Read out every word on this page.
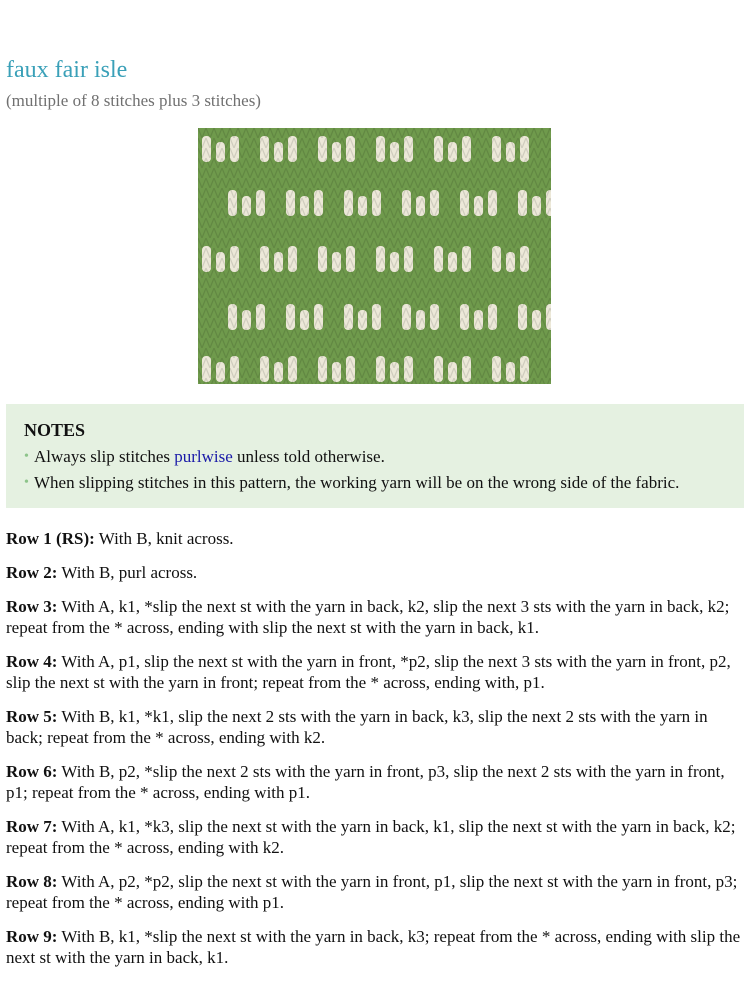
faux fair isle

(multiple of 8 stitches plus 3 stitches)

NOTES
• Always slip stitches purlwise unless told otherwise.
• When slipping stitches in this pattern, the working yarn will be on the wrong side of the fabric.

Row 1 (RS): With B, knit across.

Row 2: With B, purl across.

Row 3: With A, k1, *slip the next st with the yarn in back, k2, slip the next 3 sts with the yarn in back, k2; repeat from the * across, ending with slip the next st with the yarn in back, k1.

Row 4: With A, p1, slip the next st with the yarn in front, *p2, slip the next 3 sts with the yarn in front, p2, slip the next st with the yarn in front; repeat from the * across, ending with, p1.

Row 5: With B, k1, *k1, slip the next 2 sts with the yarn in back, k3, slip the next 2 sts with the yarn in back; repeat from the * across, ending with k2.

Row 6: With B, p2, *slip the next 2 sts with the yarn in front, p3, slip the next 2 sts with the yarn in front, p1; repeat from the * across, ending with p1.

Row 7: With A, k1, *k3, slip the next st with the yarn in back, k1, slip the next st with the yarn in back, k2; repeat from the * across, ending with k2.

Row 8: With A, p2, *p2, slip the next st with the yarn in front, p1, slip the next st with the yarn in front, p3; repeat from the * across, ending with p1.

Row 9: With B, k1, *slip the next st with the yarn in back, k3; repeat from the * across, ending with slip the next st with the yarn in back, k1.
